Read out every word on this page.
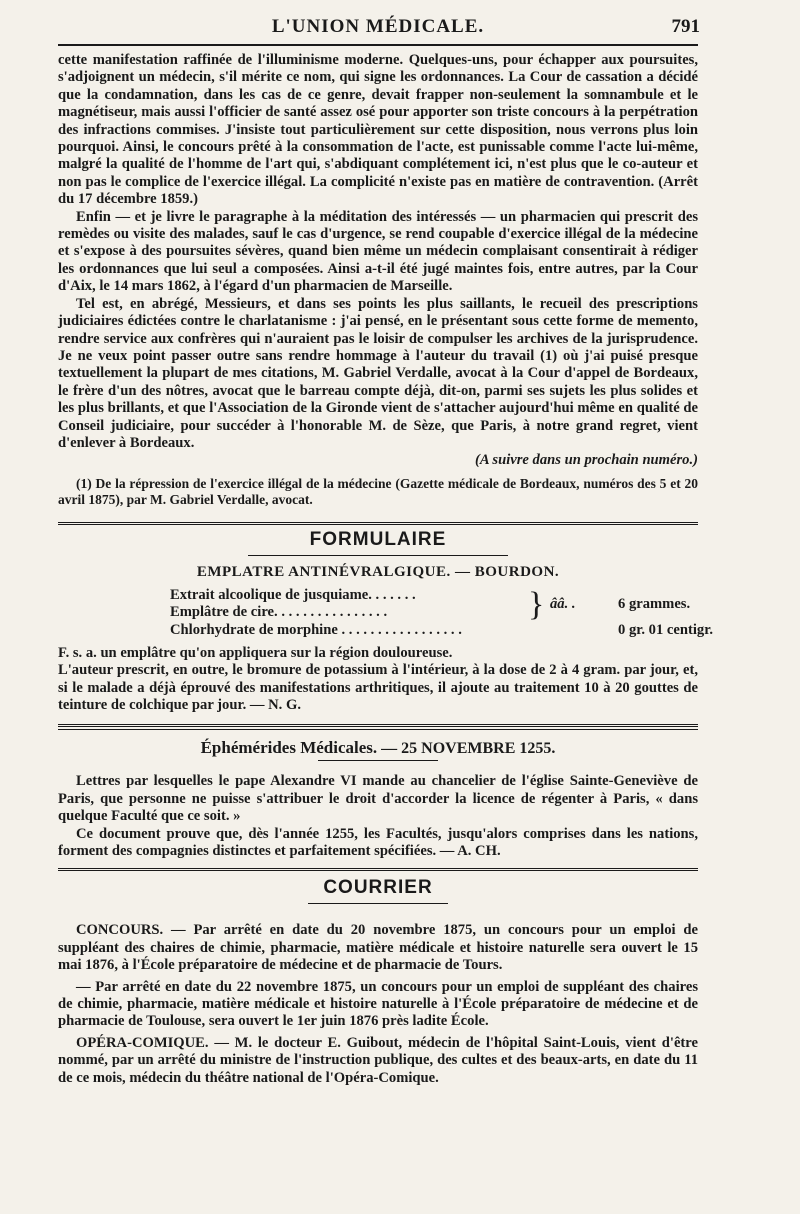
L'UNION MÉDICALE.	791

cette manifestation raffinée de l'illuminisme moderne. Quelques-uns, pour échapper aux poursuites, s'adjoignent un médecin, s'il mérite ce nom, qui signe les ordonnances. La Cour de cassation a décidé que la condamnation, dans les cas de ce genre, devait frapper non-seulement la somnambule et le magnétiseur, mais aussi l'officier de santé assez osé pour apporter son triste concours à la perpétration des infractions commises. J'insiste tout particulièrement sur cette disposition, nous verrons plus loin pourquoi. Ainsi, le concours prêté à la consommation de l'acte, est punissable comme l'acte lui-même, malgré la qualité de l'homme de l'art qui, s'abdiquant complétement ici, n'est plus que le co-auteur et non pas le complice de l'exercice illégal. La complicité n'existe pas en matière de contravention. (Arrêt du 17 décembre 1859.)

Enfin — et je livre le paragraphe à la méditation des intéressés — un pharmacien qui prescrit des remèdes ou visite des malades, sauf le cas d'urgence, se rend coupable d'exercice illégal de la médecine et s'expose à des poursuites sévères, quand bien même un médecin complaisant consentirait à rédiger les ordonnances que lui seul a composées. Ainsi a-t-il été jugé maintes fois, entre autres, par la Cour d'Aix, le 14 mars 1862, à l'égard d'un pharmacien de Marseille.

Tel est, en abrégé, Messieurs, et dans ses points les plus saillants, le recueil des prescriptions judiciaires édictées contre le charlatanisme : j'ai pensé, en le présentant sous cette forme de memento, rendre service aux confrères qui n'auraient pas le loisir de compulser les archives de la jurisprudence. Je ne veux point passer outre sans rendre hommage à l'auteur du travail (1) où j'ai puisé presque textuellement la plupart de mes citations, M. Gabriel Verdalle, avocat à la Cour d'appel de Bordeaux, le frère d'un des nôtres, avocat que le barreau compte déjà, dit-on, parmi ses sujets les plus solides et les plus brillants, et que l'Association de la Gironde vient de s'attacher aujourd'hui même en qualité de Conseil judiciaire, pour succéder à l'honorable M. de Sèze, que Paris, à notre grand regret, vient d'enlever à Bordeaux.

(A suivre dans un prochain numéro.)

(1) De la répression de l'exercice illégal de la médecine (Gazette médicale de Bordeaux, numéros des 5 et 20 avril 1875), par M. Gabriel Verdalle, avocat.

FORMULAIRE
EMPLATRE ANTINÉVRALGIQUE. — BOURDON.
Extrait alcoolique de jusquiame. . . . . . .
Emplâtre de cire. . . . . . . . . . . . . . . .	} ââ. .	6 grammes.
Chlorhydrate de morphine . . . . . . . . . . . . . . . . .	0 gr. 01 centigr.

F. s. a. un emplâtre qu'on appliquera sur la région douloureuse.

L'auteur prescrit, en outre, le bromure de potassium à l'intérieur, à la dose de 2 à 4 gram. par jour, et, si le malade a déjà éprouvé des manifestations arthritiques, il ajoute au traitement 10 à 20 gouttes de teinture de colchique par jour. — N. G.

Éphémérides Médicales. — 25 NOVEMBRE 1255.

Lettres par lesquelles le pape Alexandre VI mande au chancelier de l'église Sainte-Geneviève de Paris, que personne ne puisse s'attribuer le droit d'accorder la licence de régenter à Paris, « dans quelque Faculté que ce soit. »

Ce document prouve que, dès l'année 1255, les Facultés, jusqu'alors comprises dans les nations, forment des compagnies distinctes et parfaitement spécifiées. — A. CH.

COURRIER

CONCOURS. — Par arrêté en date du 20 novembre 1875, un concours pour un emploi de suppléant des chaires de chimie, pharmacie, matière médicale et histoire naturelle sera ouvert le 15 mai 1876, à l'École préparatoire de médecine et de pharmacie de Tours.

— Par arrêté en date du 22 novembre 1875, un concours pour un emploi de suppléant des chaires de chimie, pharmacie, matière médicale et histoire naturelle à l'École préparatoire de médecine et de pharmacie de Toulouse, sera ouvert le 1er juin 1876 près ladite École.

OPÉRA-COMIQUE. — M. le docteur E. Guibout, médecin de l'hôpital Saint-Louis, vient d'être nommé, par un arrêté du ministre de l'instruction publique, des cultes et des beaux-arts, en date du 11 de ce mois, médecin du théâtre national de l'Opéra-Comique.
